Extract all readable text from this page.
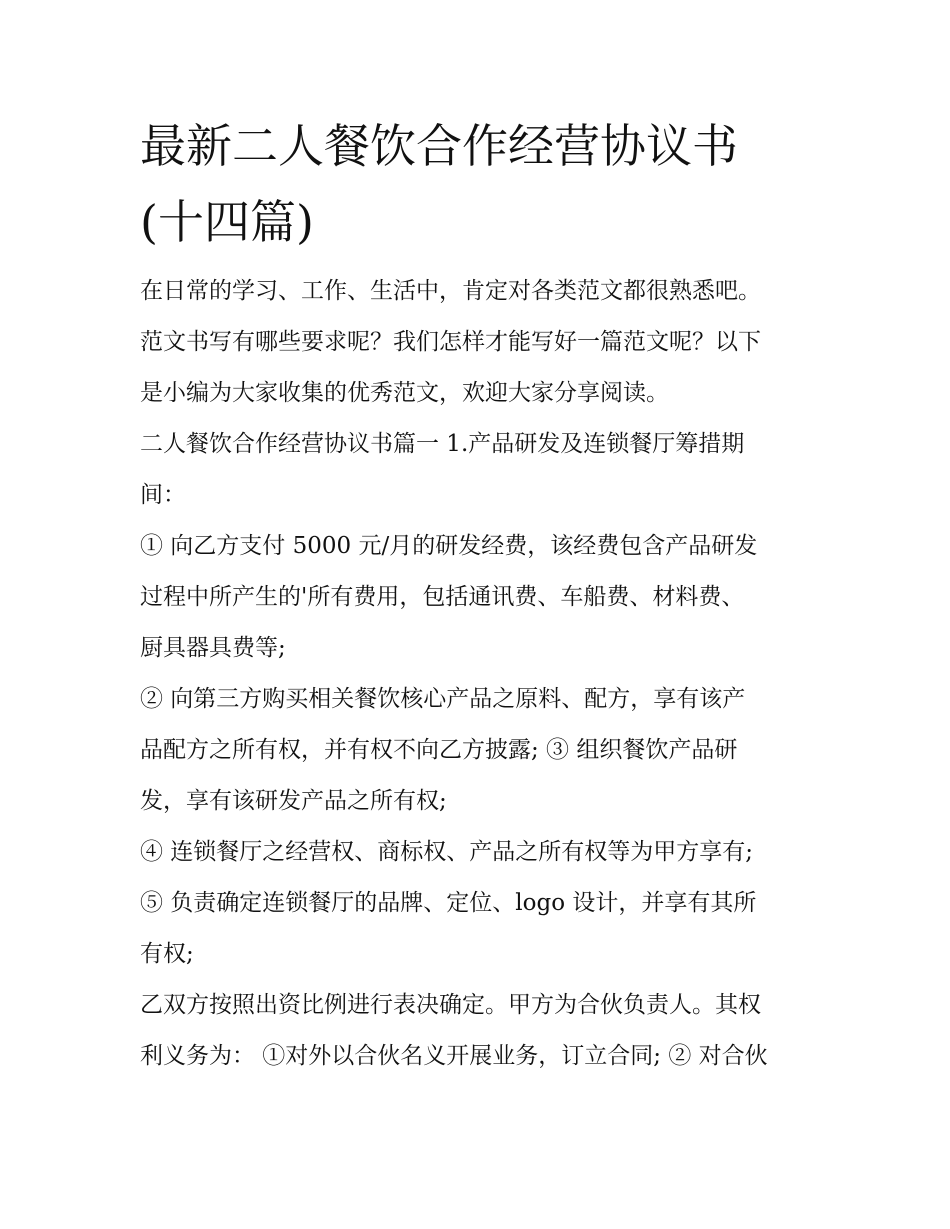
最新二人餐饮合作经营协议书
(十四篇)

在日常的学习、工作、生活中，肯定对各类范文都很熟悉吧。
范文书写有哪些要求呢？我们怎样才能写好一篇范文呢？以下
是小编为大家收集的优秀范文，欢迎大家分享阅读。

二人餐饮合作经营协议书篇一 1.产品研发及连锁餐厅筹措期
间：

① 向乙方支付 5000 元/月的研发经费，该经费包含产品研发
过程中所产生的'所有费用，包括通讯费、车船费、材料费、
厨具器具费等;

② 向第三方购买相关餐饮核心产品之原料、配方，享有该产
品配方之所有权，并有权不向乙方披露; ③ 组织餐饮产品研
发，享有该研发产品之所有权;

④ 连锁餐厅之经营权、商标权、产品之所有权等为甲方享有;

⑤ 负责确定连锁餐厅的品牌、定位、logo 设计，并享有其所
有权;

乙双方按照出资比例进行表决确定。甲方为合伙负责人。其权
利义务为： ①对外以合伙名义开展业务，订立合同; ② 对合伙
